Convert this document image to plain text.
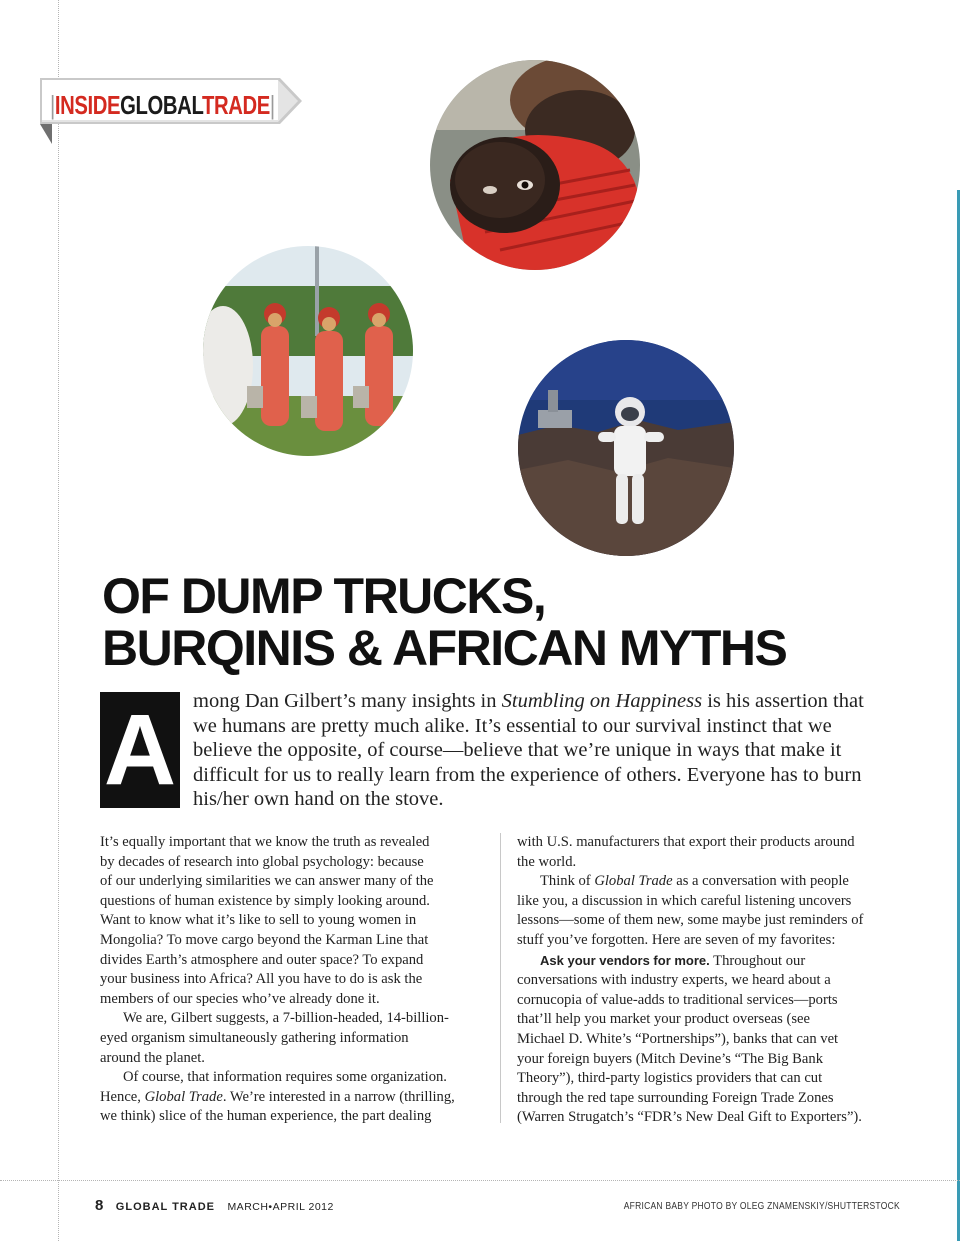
|INSIDEGLOBALTRADE|
OF DUMP TRUCKS,
BURQINIS & AFRICAN MYTHS
A mong Dan Gilbert’s many insights in Stumbling on Happiness is his assertion that
we humans are pretty much alike. It’s essential to our survival instinct that we
believe the opposite, of course—believe that we’re unique in ways that make it
difficult for us to really learn from the experience of others. Everyone has to burn
his/her own hand on the stove.
It’s equally important that we know the truth as revealed
by decades of research into global psychology: because
of our underlying similarities we can answer many of the
questions of human existence by simply looking around.
Want to know what it’s like to sell to young women in
Mongolia? To move cargo beyond the Karman Line that
divides Earth’s atmosphere and outer space? To expand
your business into Africa? All you have to do is ask the
members of our species who’ve already done it.
We are, Gilbert suggests, a 7-billion-headed, 14-billion-
eyed organism simultaneously gathering information
around the planet.
Of course, that information requires some organization.
Hence, Global Trade. We’re interested in a narrow (thrilling,
we think) slice of the human experience, the part dealing
with U.S. manufacturers that export their products around
the world.
Think of Global Trade as a conversation with people
like you, a discussion in which careful listening uncovers
lessons—some of them new, some maybe just reminders of
stuff you’ve forgotten. Here are seven of my favorites:
Ask your vendors for more. Throughout our
conversations with industry experts, we heard about a
cornucopia of value-adds to traditional services—ports
that’ll help you market your product overseas (see
Michael D. White’s “Portnerships”), banks that can vet
your foreign buyers (Mitch Devine’s “The Big Bank
Theory”), third-party logistics providers that can cut
through the red tape surrounding Foreign Trade Zones
(Warren Strugatch’s “FDR’s New Deal Gift to Exporters”).
8 GLOBAL TRADE MARCH•APRIL 2012	AFRICAN BABY PHOTO BY OLEG ZNAMENSKIY/SHUTTERSTOCK
